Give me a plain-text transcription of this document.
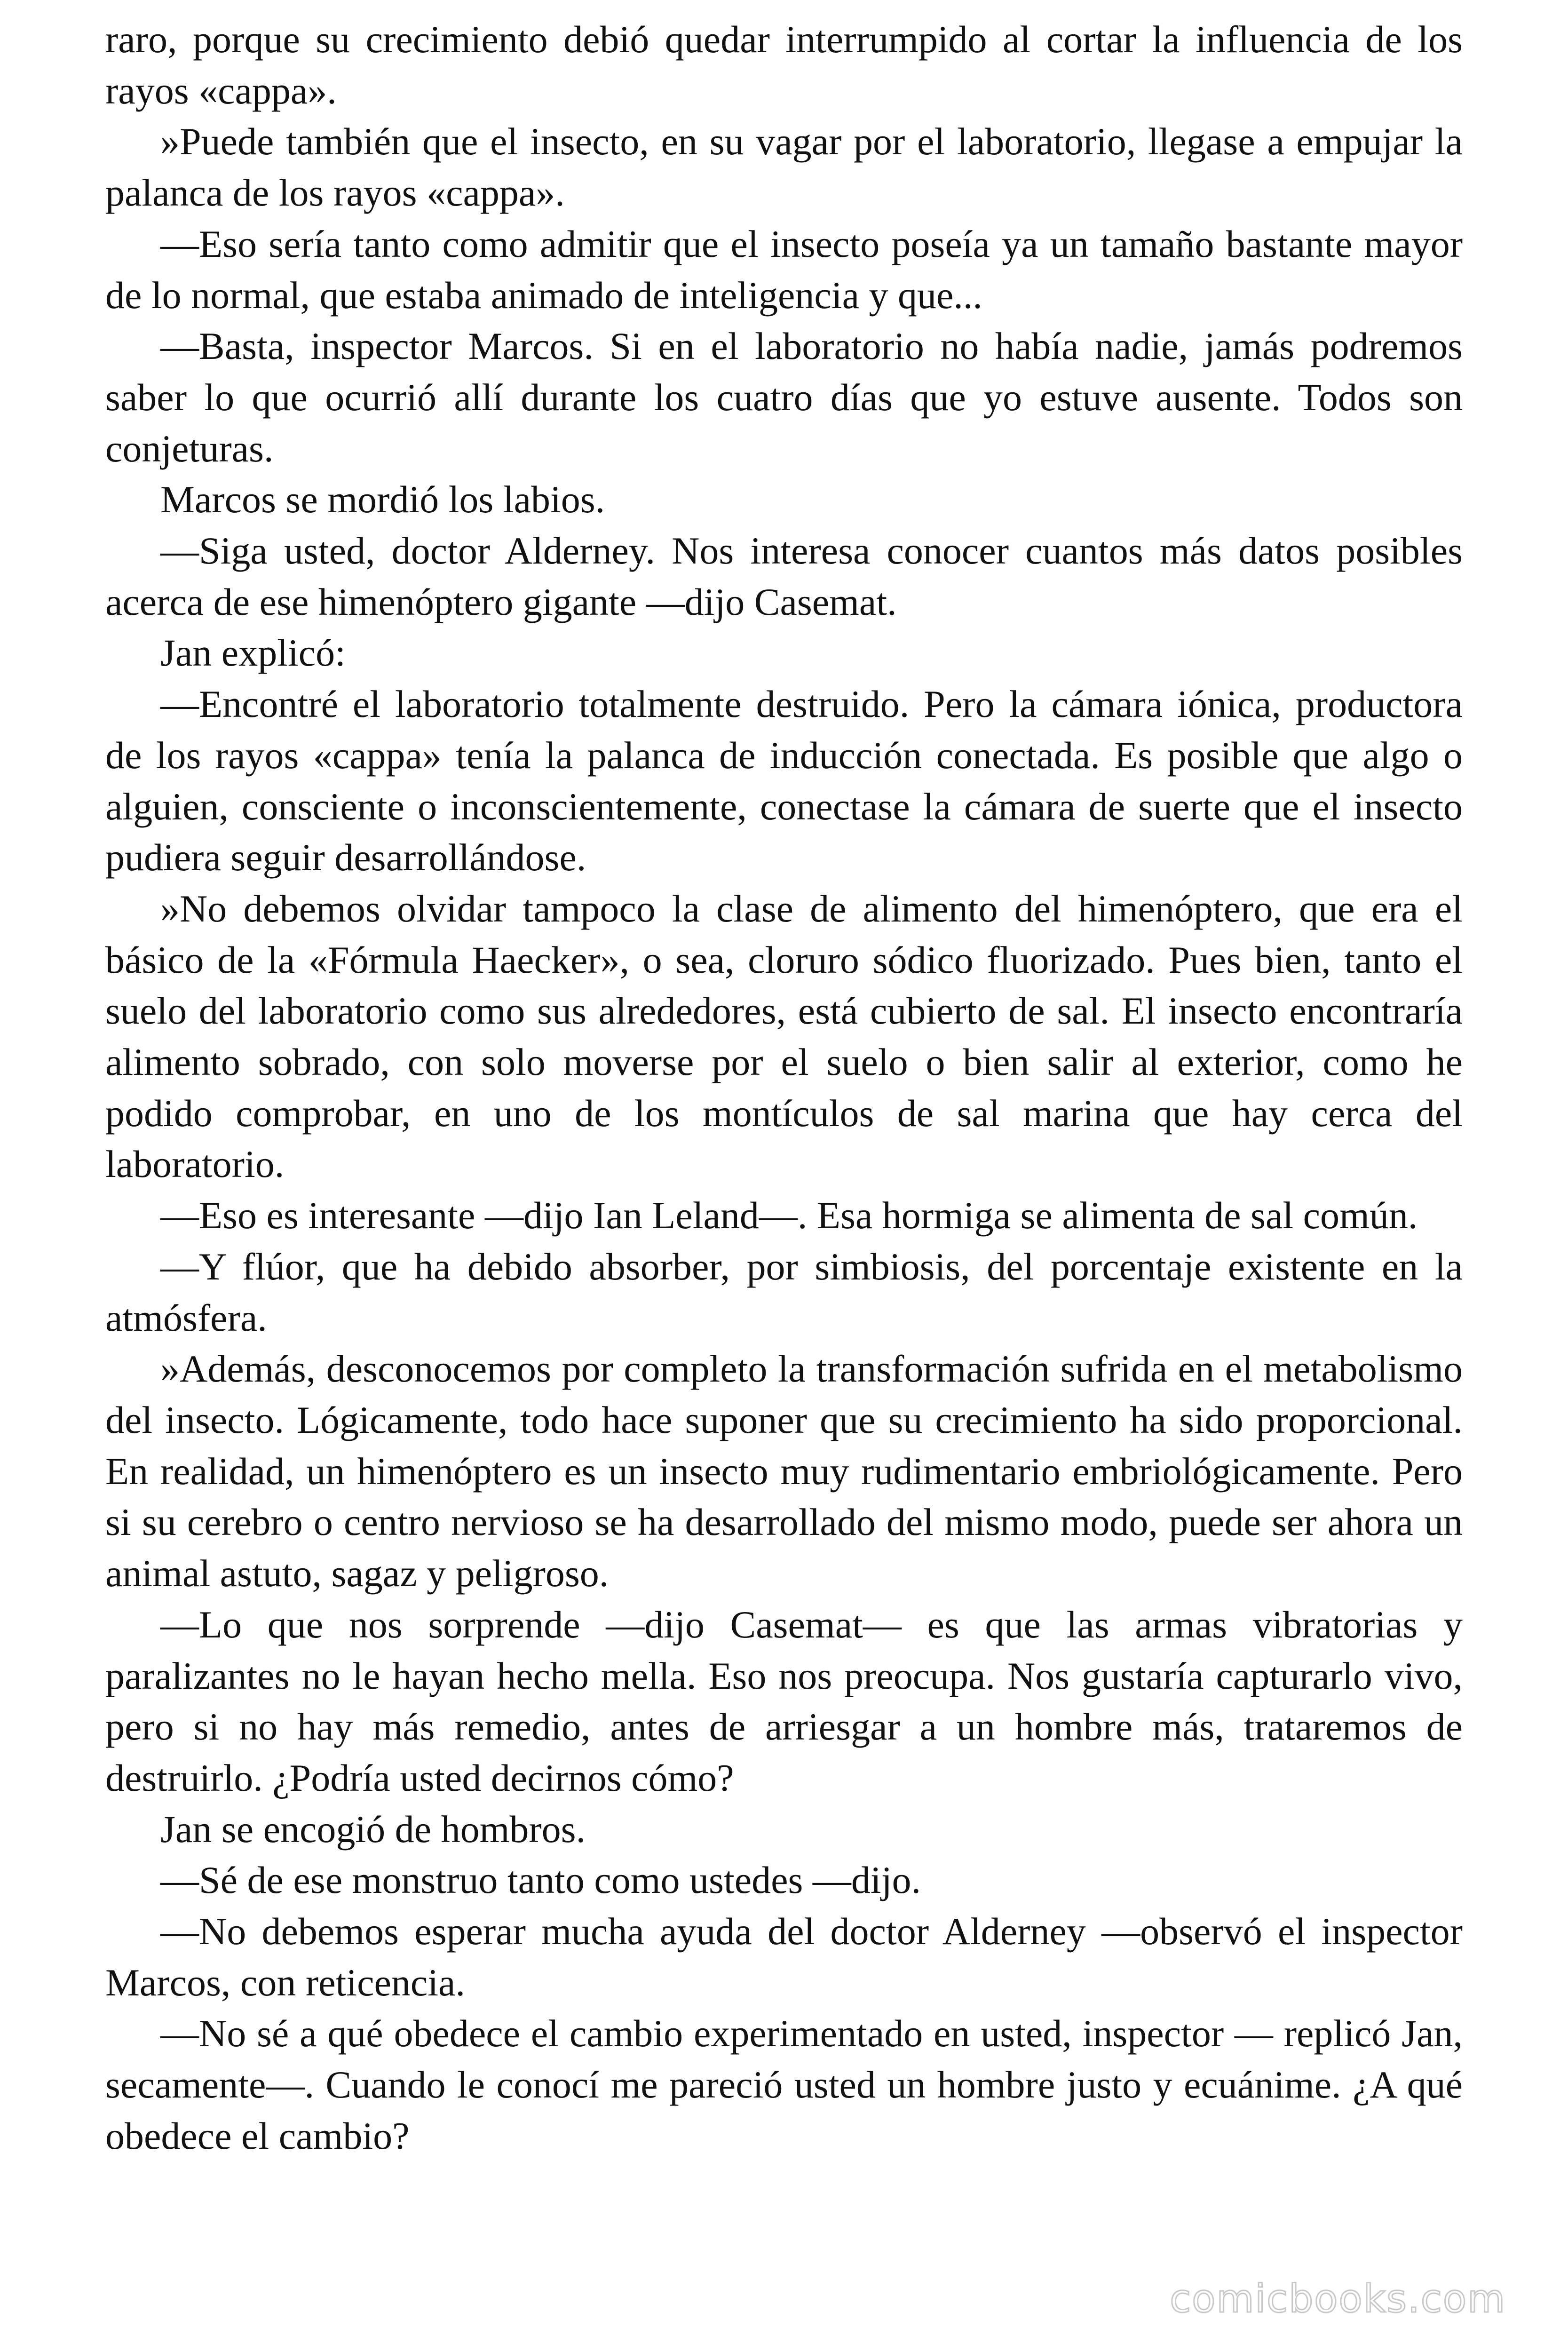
raro, porque su crecimiento debió quedar interrumpido al cortar la influencia de los rayos «cappa».

»Puede también que el insecto, en su vagar por el laboratorio, llegase a empujar la palanca de los rayos «cappa».

—Eso sería tanto como admitir que el insecto poseía ya un tamaño bastante mayor de lo normal, que estaba animado de inteligencia y que...

—Basta, inspector Marcos. Si en el laboratorio no había nadie, jamás podremos saber lo que ocurrió allí durante los cuatro días que yo estuve ausente. Todos son conjeturas.

Marcos se mordió los labios.

—Siga usted, doctor Alderney. Nos interesa conocer cuantos más datos posibles acerca de ese himenóptero gigante —dijo Casemat.

Jan explicó:

—Encontré el laboratorio totalmente destruido. Pero la cámara iónica, productora de los rayos «cappa» tenía la palanca de inducción conectada. Es posible que algo o alguien, consciente o inconscientemente, conectase la cámara de suerte que el insecto pudiera seguir desarrollándose.

»No debemos olvidar tampoco la clase de alimento del himenóptero, que era el básico de la «Fórmula Haecker», o sea, cloruro sódico fluorizado. Pues bien, tanto el suelo del laboratorio como sus alrededores, está cubierto de sal. El insecto encontraría alimento sobrado, con solo moverse por el suelo o bien salir al exterior, como he podido comprobar, en uno de los montículos de sal marina que hay cerca del laboratorio.

—Eso es interesante —dijo Ian Leland—. Esa hormiga se alimenta de sal común.

—Y flúor, que ha debido absorber, por simbiosis, del porcentaje existente en la atmósfera.

»Además, desconocemos por completo la transformación sufrida en el metabolismo del insecto. Lógicamente, todo hace suponer que su crecimiento ha sido proporcional. En realidad, un himenóptero es un insecto muy rudimentario embriológicamente. Pero si su cerebro o centro nervioso se ha desarrollado del mismo modo, puede ser ahora un animal astuto, sagaz y peligroso.

—Lo que nos sorprende —dijo Casemat— es que las armas vibratorias y paralizantes no le hayan hecho mella. Eso nos preocupa. Nos gustaría capturarlo vivo, pero si no hay más remedio, antes de arriesgar a un hombre más, trataremos de destruirlo. ¿Podría usted decirnos cómo?

Jan se encogió de hombros.

—Sé de ese monstruo tanto como ustedes —dijo.

—No debemos esperar mucha ayuda del doctor Alderney —observó el inspector Marcos, con reticencia.

—No sé a qué obedece el cambio experimentado en usted, inspector — replicó Jan, secamente—. Cuando le conocí me pareció usted un hombre justo y ecuánime. ¿A qué obedece el cambio?

comicbooks.com
